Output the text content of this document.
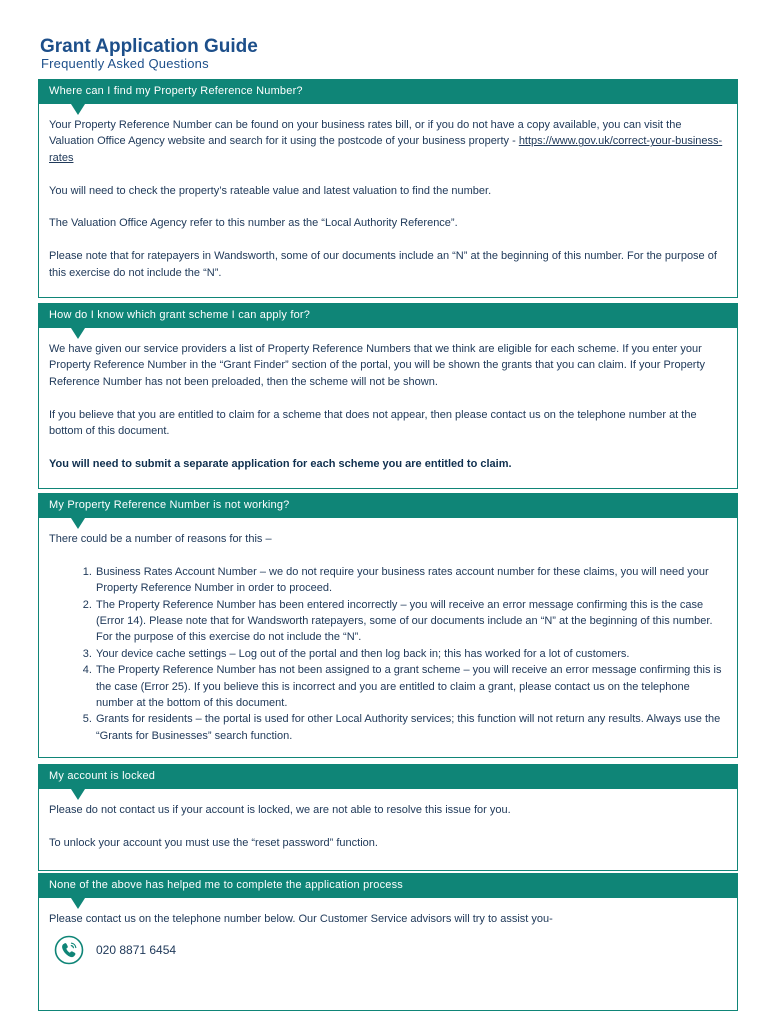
Grant Application Guide
Frequently Asked Questions
Where can I find my Property Reference Number?

Your Property Reference Number can be found on your business rates bill, or if you do not have a copy available, you can visit the Valuation Office Agency website and search for it using the postcode of your business property - https://www.gov.uk/correct-your-business-rates

You will need to check the property’s rateable value and latest valuation to find the number.

The Valuation Office Agency refer to this number as the “Local Authority Reference”.

Please note that for ratepayers in Wandsworth, some of our documents include an “N” at the beginning of this number. For the purpose of this exercise do not include the “N”.

How do I know which grant scheme I can apply for?

We have given our service providers a list of Property Reference Numbers that we think are eligible for each scheme. If you enter your Property Reference Number in the “Grant Finder” section of the portal, you will be shown the grants that you can claim. If your Property Reference Number has not been preloaded, then the scheme will not be shown.

If you believe that you are entitled to claim for a scheme that does not appear, then please contact us on the telephone number at the bottom of this document.

You will need to submit a separate application for each scheme you are entitled to claim.

My Property Reference Number is not working?

There could be a number of reasons for this –

1. Business Rates Account Number – we do not require your business rates account number for these claims, you will need your Property Reference Number in order to proceed.
2. The Property Reference Number has been entered incorrectly – you will receive an error message confirming this is the case (Error 14). Please note that for Wandsworth ratepayers, some of our documents include an “N” at the beginning of this number. For the purpose of this exercise do not include the “N”.
3. Your device cache settings – Log out of the portal and then log back in; this has worked for a lot of customers.
4. The Property Reference Number has not been assigned to a grant scheme – you will receive an error message confirming this is the case (Error 25). If you believe this is incorrect and you are entitled to claim a grant, please contact us on the telephone number at the bottom of this document.
5. Grants for residents – the portal is used for other Local Authority services; this function will not return any results. Always use the “Grants for Businesses” search function.
My account is locked

Please do not contact us if your account is locked, we are not able to resolve this issue for you.

To unlock your account you must use the “reset password” function.

None of the above has helped me to complete the application process

Please contact us on the telephone number below. Our Customer Service advisors will try to assist you-

020 8871 6454
